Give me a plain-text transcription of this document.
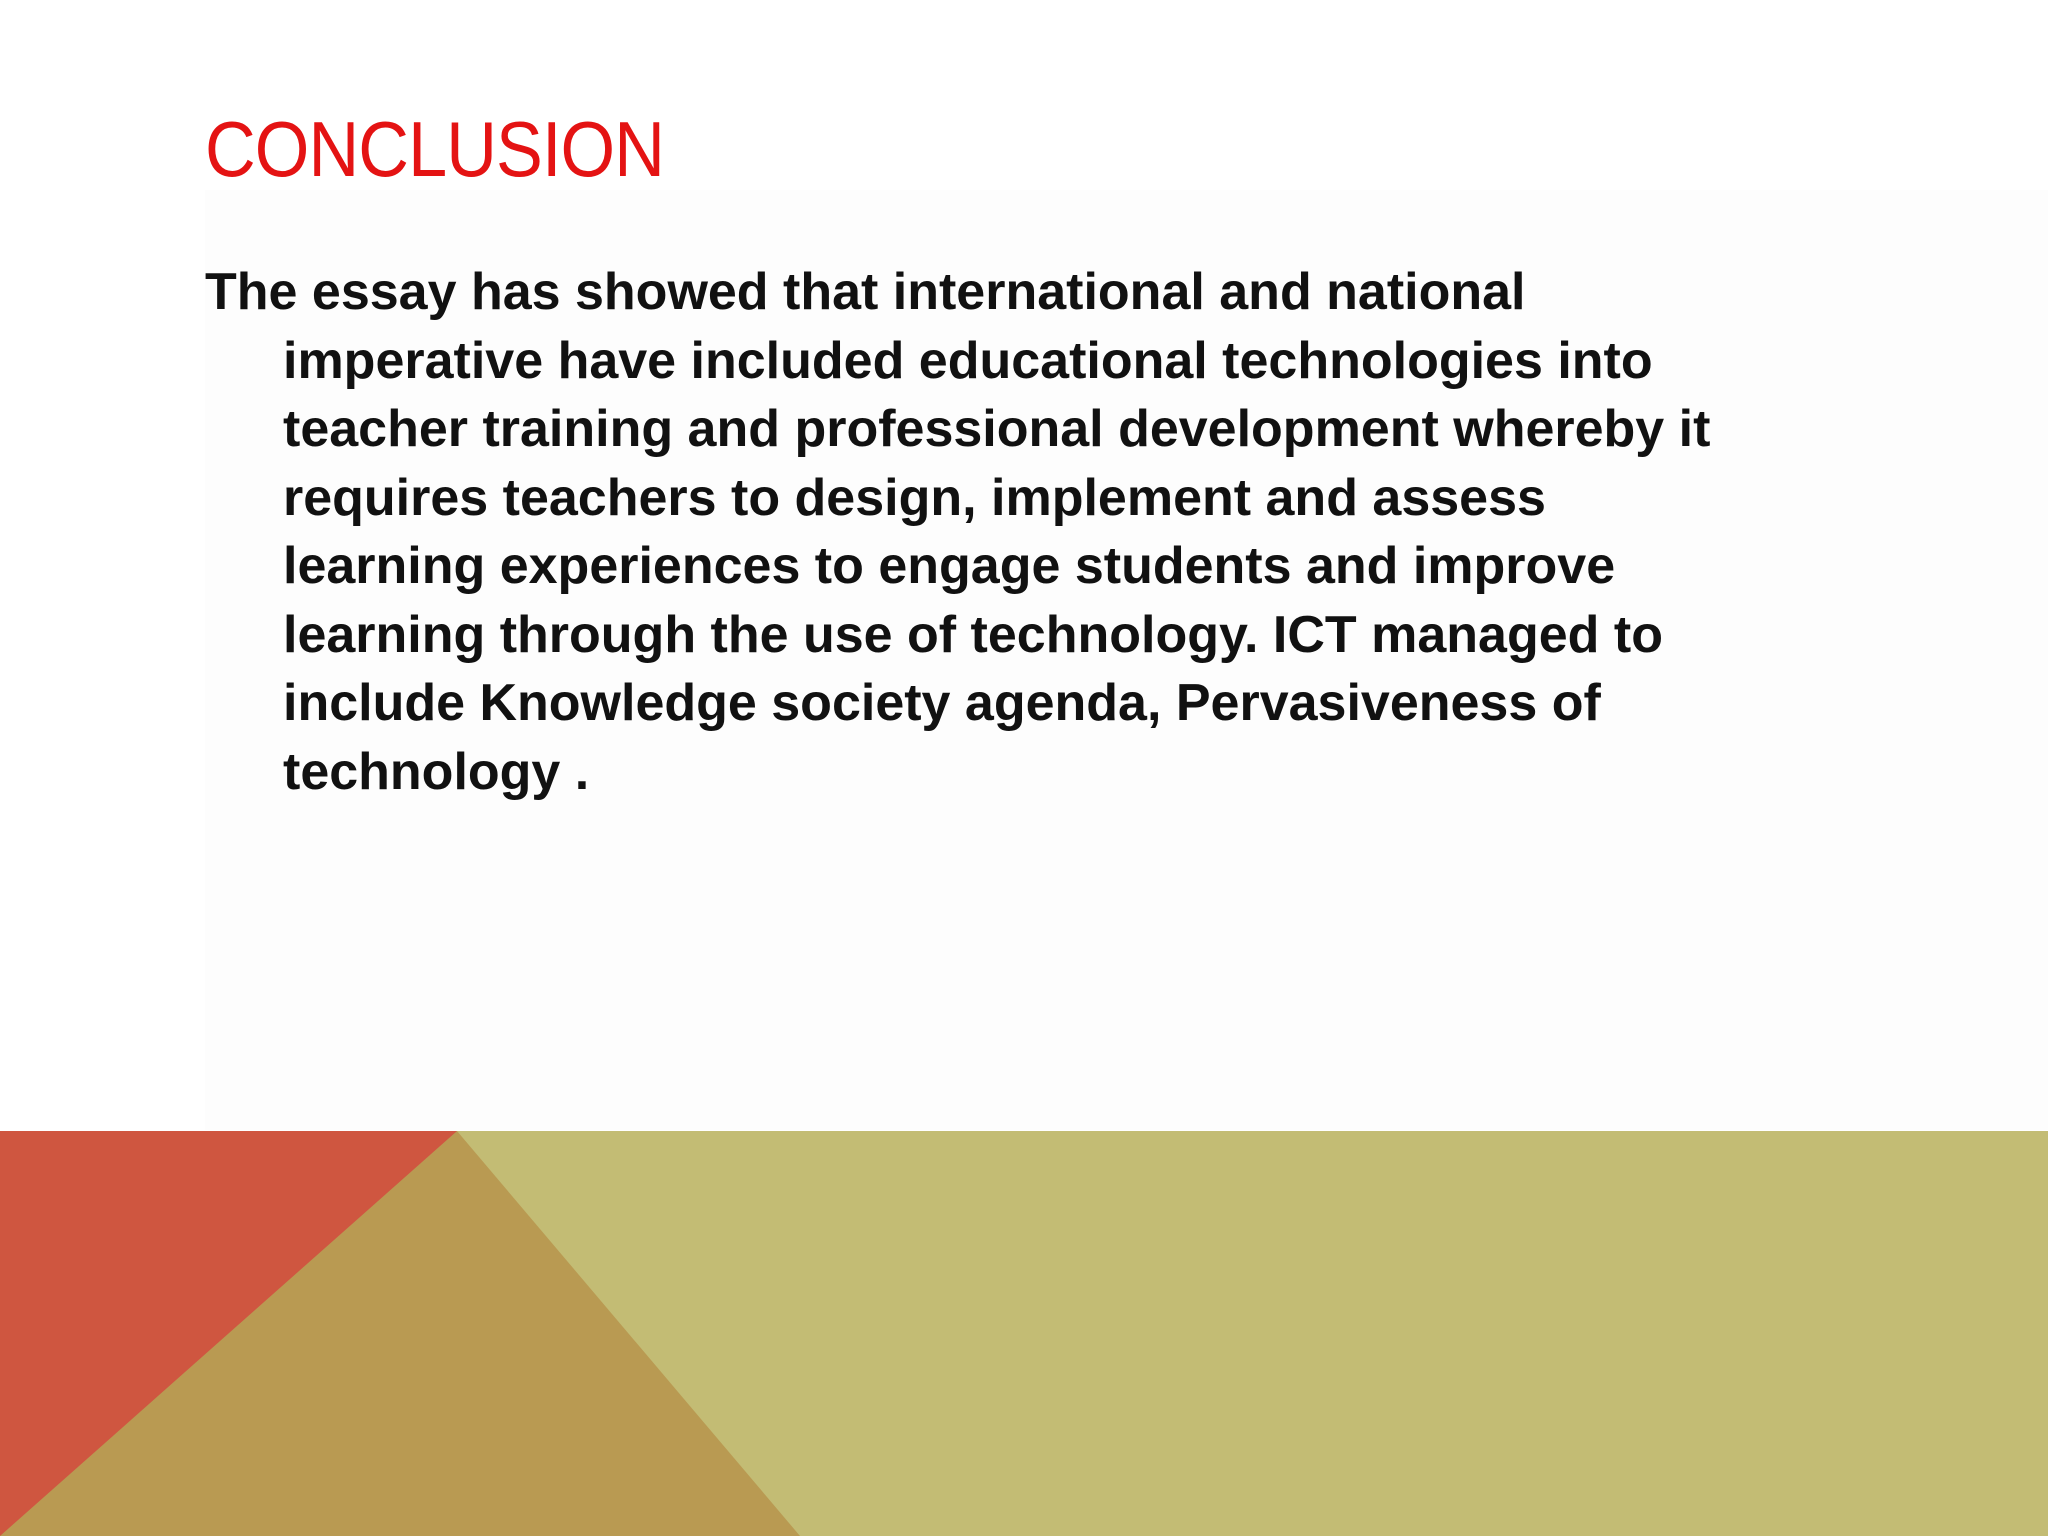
CONCLUSION

The essay has showed that international and national
imperative have included educational technologies into
teacher training and professional development whereby it
requires teachers to design, implement and assess
learning experiences to engage students and improve
learning through the use of technology. ICT managed to
include Knowledge society agenda, Pervasiveness of
technology .
